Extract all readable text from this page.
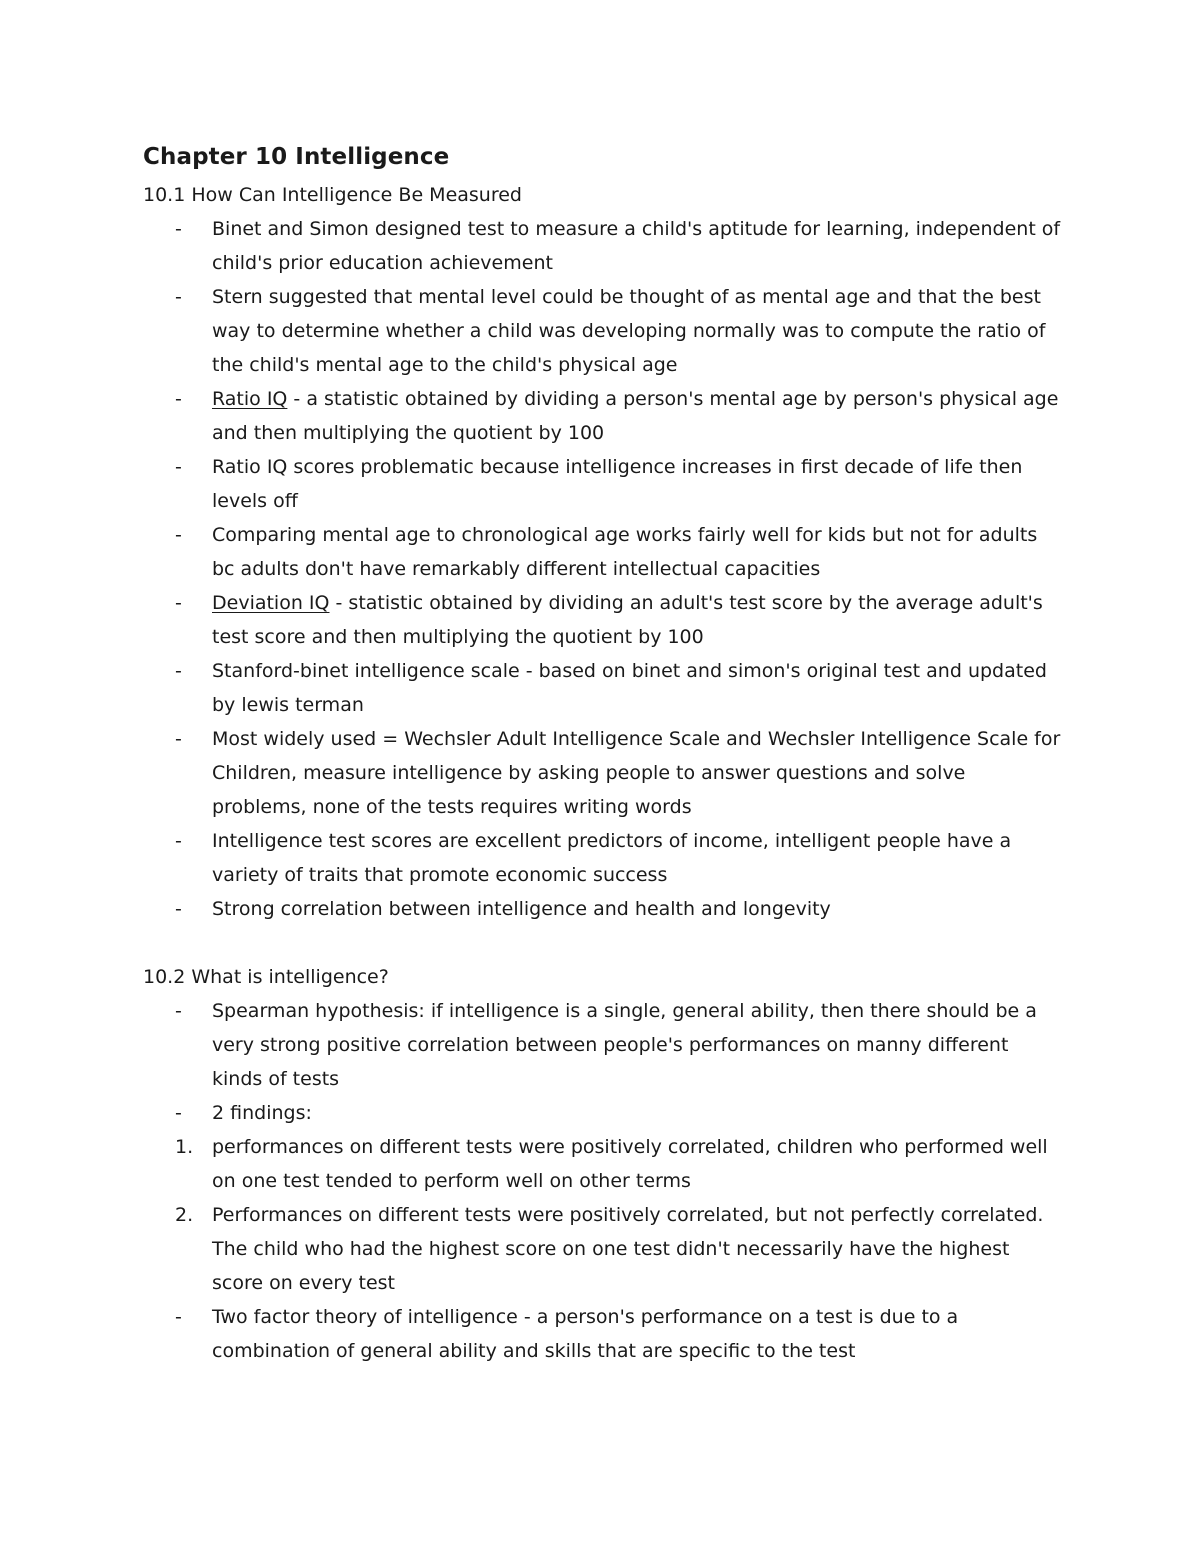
Chapter 10 Intelligence
10.1 How Can Intelligence Be Measured
-	Binet and Simon designed test to measure a child's aptitude for learning, independent of child's prior education achievement
-	Stern suggested that mental level could be thought of as mental age and that the best way to determine whether a child was developing normally was to compute the ratio of the child's mental age to the child's physical age
-	Ratio IQ - a statistic obtained by dividing a person's mental age by person's physical age and then multiplying the quotient by 100
-	Ratio IQ scores problematic because intelligence increases in first decade of life then levels off
-	Comparing mental age to chronological age works fairly well for kids but not for adults bc adults don't have remarkably different intellectual capacities
-	Deviation IQ - statistic obtained by dividing an adult's test score by the average adult's test score and then multiplying the quotient by 100
-	Stanford-binet intelligence scale - based on binet and simon's original test and updated by lewis terman
-	Most widely used = Wechsler Adult Intelligence Scale and Wechsler Intelligence Scale for Children, measure intelligence by asking people to answer questions and solve problems, none of the tests requires writing words
-	Intelligence test scores are excellent predictors of income, intelligent people have a variety of traits that promote economic success
-	Strong correlation between intelligence and health and longevity
10.2 What is intelligence?
-	Spearman hypothesis: if intelligence is a single, general ability, then there should be a very strong positive correlation between people's performances on manny different kinds of tests
-	2 findings:
1. performances on different tests were positively correlated, children who performed well on one test tended to perform well on other terms
2. Performances on different tests were positively correlated, but not perfectly correlated. The child who had the highest score on one test didn't necessarily have the highest score on every test
-	Two factor theory of intelligence - a person's performance on a test is due to a combination of general ability and skills that are specific to the test
